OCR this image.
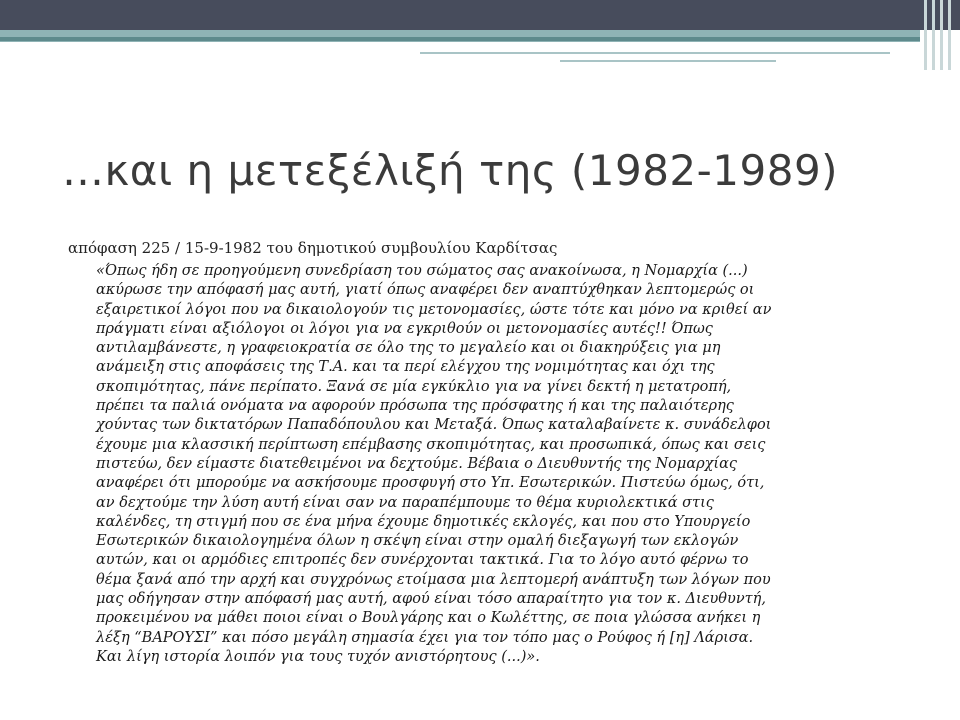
…και η μετεξέλιξή της (1982-1989)

απόφαση 225 / 15-9-1982 του δημοτικού συμβουλίου Καρδίτσας

«Όπως ήδη σε προηγούμενη συνεδρίαση του σώματος σας ανακοίνωσα, η Νομαρχία (...)
ακύρωσε την απόφασή μας αυτή, γιατί όπως αναφέρει δεν αναπτύχθηκαν λεπτομερώς οι
εξαιρετικοί λόγοι που να δικαιολογούν τις μετονομασίες, ώστε τότε και μόνο να κριθεί αν
πράγματι είναι αξιόλογοι οι λόγοι για να εγκριθούν οι μετονομασίες αυτές!! Όπως
αντιλαμβάνεστε, η γραφειοκρατία σε όλο της το μεγαλείο και οι διακηρύξεις για μη
ανάμειξη στις αποφάσεις της Τ.Α. και τα περί ελέγχου της νομιμότητας και όχι της
σκοπιμότητας, πάνε περίπατο. Ξανά σε μία εγκύκλιο για να γίνει δεκτή η μετατροπή,
πρέπει τα παλιά ονόματα να αφορούν πρόσωπα της πρόσφατης ή και της παλαιότερης
χούντας των δικτατόρων Παπαδόπουλου και Μεταξά. Όπως καταλαβαίνετε κ. συνάδελφοι
έχουμε μια κλασσική περίπτωση επέμβασης σκοπιμότητας, και προσωπικά, όπως και σεις
πιστεύω, δεν είμαστε διατεθειμένοι να δεχτούμε. Βέβαια ο Διευθυντής της Νομαρχίας
αναφέρει ότι μπορούμε να ασκήσουμε προσφυγή στο Υπ. Εσωτερικών. Πιστεύω όμως, ότι,
αν δεχτούμε την λύση αυτή είναι σαν να παραπέμπουμε το θέμα κυριολεκτικά στις
καλένδες, τη στιγμή που σε ένα μήνα έχουμε δημοτικές εκλογές, και που στο Υπουργείο
Εσωτερικών δικαιολογημένα όλων η σκέψη είναι στην ομαλή διεξαγωγή των εκλογών
αυτών, και οι αρμόδιες επιτροπές δεν συνέρχονται τακτικά. Για το λόγο αυτό φέρνω το
θέμα ξανά από την αρχή και συγχρόνως ετοίμασα μια λεπτομερή ανάπτυξη των λόγων που
μας οδήγησαν στην απόφασή μας αυτή, αφού είναι τόσο απαραίτητο για τον κ. Διευθυντή,
προκειμένου να μάθει ποιοι είναι ο Βουλγάρης και ο Κωλέττης, σε ποια γλώσσα ανήκει η
λέξη “ΒΑΡΟΥΣΙ” και πόσο μεγάλη σημασία έχει για τον τόπο μας ο Ρούφος ή [η] Λάρισα.
Και λίγη ιστορία λοιπόν για τους τυχόν ανιστόρητους (...)».
